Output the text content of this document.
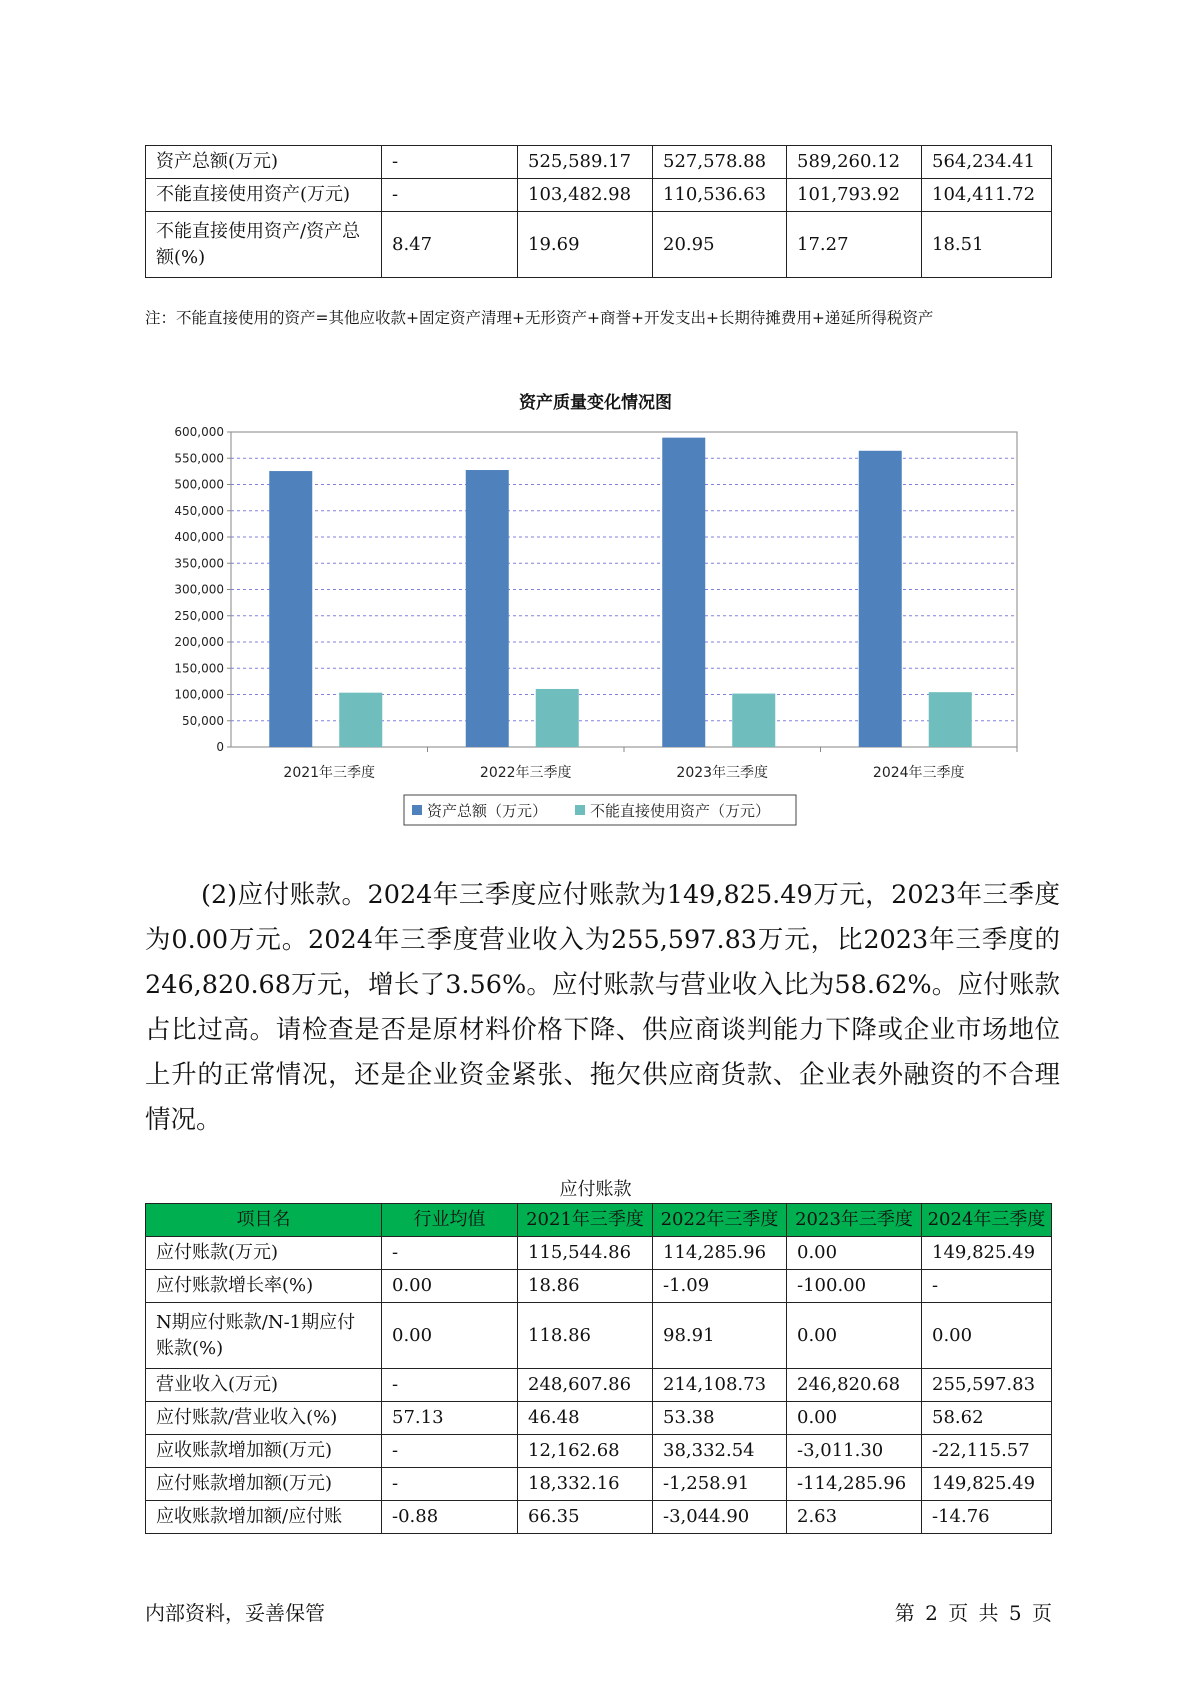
资产总额(万元)	-	525,589.17	527,578.88	589,260.12	564,234.41
不能直接使用资产(万元)	-	103,482.98	110,536.63	101,793.92	104,411.72
不能直接使用资产/资产总额(%)	8.47	19.69	20.95	17.27	18.51
注：不能直接使用的资产=其他应收款+固定资产清理+无形资产+商誉+开发支出+长期待摊费用+递延所得税资产
资产质量变化情况图
0
50,000
100,000
150,000
200,000
250,000
300,000
350,000
400,000
450,000
500,000
550,000
600,000
2021年三季度	2022年三季度	2023年三季度	2024年三季度
资产总额（万元）	不能直接使用资产（万元）

(2)应付账款。2024年三季度应付账款为149,825.49万元，2023年三季度为0.00万元。2024年三季度营业收入为255,597.83万元，比2023年三季度的246,820.68万元，增长了3.56%。应付账款与营业收入比为58.62%。应付账款占比过高。请检查是否是原材料价格下降、供应商谈判能力下降或企业市场地位上升的正常情况，还是企业资金紧张、拖欠供应商货款、企业表外融资的不合理情况。

应付账款
项目名	行业均值	2021年三季度	2022年三季度	2023年三季度	2024年三季度
应付账款(万元)	-	115,544.86	114,285.96	0.00	149,825.49
应付账款增长率(%)	0.00	18.86	-1.09	-100.00	-
N期应付账款/N-1期应付账款(%)	0.00	118.86	98.91	0.00	0.00
营业收入(万元)	-	248,607.86	214,108.73	246,820.68	255,597.83
应付账款/营业收入(%)	57.13	46.48	53.38	0.00	58.62
应收账款增加额(万元)	-	12,162.68	38,332.54	-3,011.30	-22,115.57
应付账款增加额(万元)	-	18,332.16	-1,258.91	-114,285.96	149,825.49
应收账款增加额/应付账	-0.88	66.35	-3,044.90	2.63	-14.76
内部资料，妥善保管	第 2 页 共 5 页
